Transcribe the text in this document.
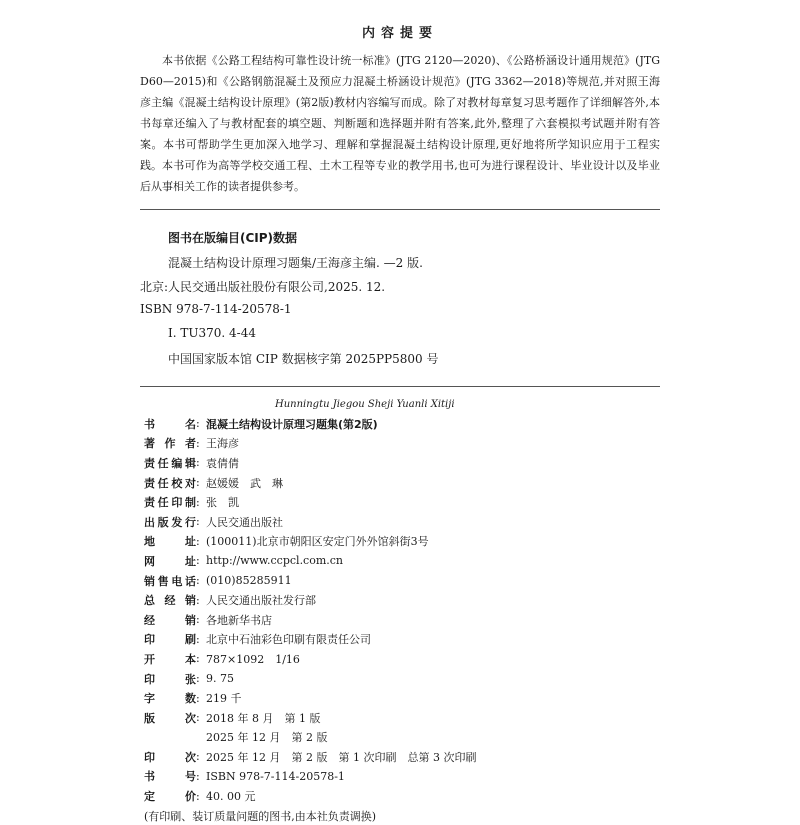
内容提要

本书依据《公路工程结构可靠性设计统一标准》(JTG 2120—2020)、《公路桥涵设计通用规范》(JTG D60—2015)和《公路钢筋混凝土及预应力混凝土桥涵设计规范》(JTG 3362—2018)等规范,并对照王海彦主编《混凝土结构设计原理》(第2版)教材内容编写而成。除了对教材每章复习思考题作了详细解答外,本书每章还编入了与教材配套的填空题、判断题和选择题并附有答案,此外,整理了六套模拟考试题并附有答案。本书可帮助学生更加深入地学习、理解和掌握混凝土结构设计原理,更好地将所学知识应用于工程实践。 本书可作为高等学校交通工程、土木工程等专业的教学用书,也可为进行课程设计、毕业设计以及毕业后从事相关工作的读者提供参考。

图书在版编目(CIP)数据
混凝土结构设计原理习题集/王海彦主编. —2 版.
北京:人民交通出版社股份有限公司,2025. 12.
ISBN 978-7-114-20578-1
Ⅰ. TU370. 4-44
中国国家版本馆 CIP 数据核字第 2025PP5800 号
Hunningtu Jiegou Sheji Yuanli Xitiji
书　名 : 混凝土结构设计原理习题集(第2版)
著作者 : 王海彦
责任编辑 : 袁倩倩
责任校对 : 赵媛媛　武　琳
责任印制 : 张　凯
出版发行 : 人民交通出版社
地　址 : (100011)北京市朝阳区安定门外外馆斜街3号
网　址 : http://www.ccpcl.com.cn
销售电话 : (010)85285911
总经销 : 人民交通出版社发行部
经　销 : 各地新华书店
印　刷 : 北京中石油彩色印刷有限责任公司
开　本 : 787×1092　1/16
印　张 : 9. 75
字　数 : 219 千
版　次 : 2018 年 8 月　第 1 版
2025 年 12 月　第 2 版
印　次 : 2025 年 12 月　第 2 版　第 1 次印刷　总第 3 次印刷
书　号 : ISBN 978-7-114-20578-1
定　价 : 40. 00 元
(有印刷、装订质量问题的图书,由本社负责调换)
